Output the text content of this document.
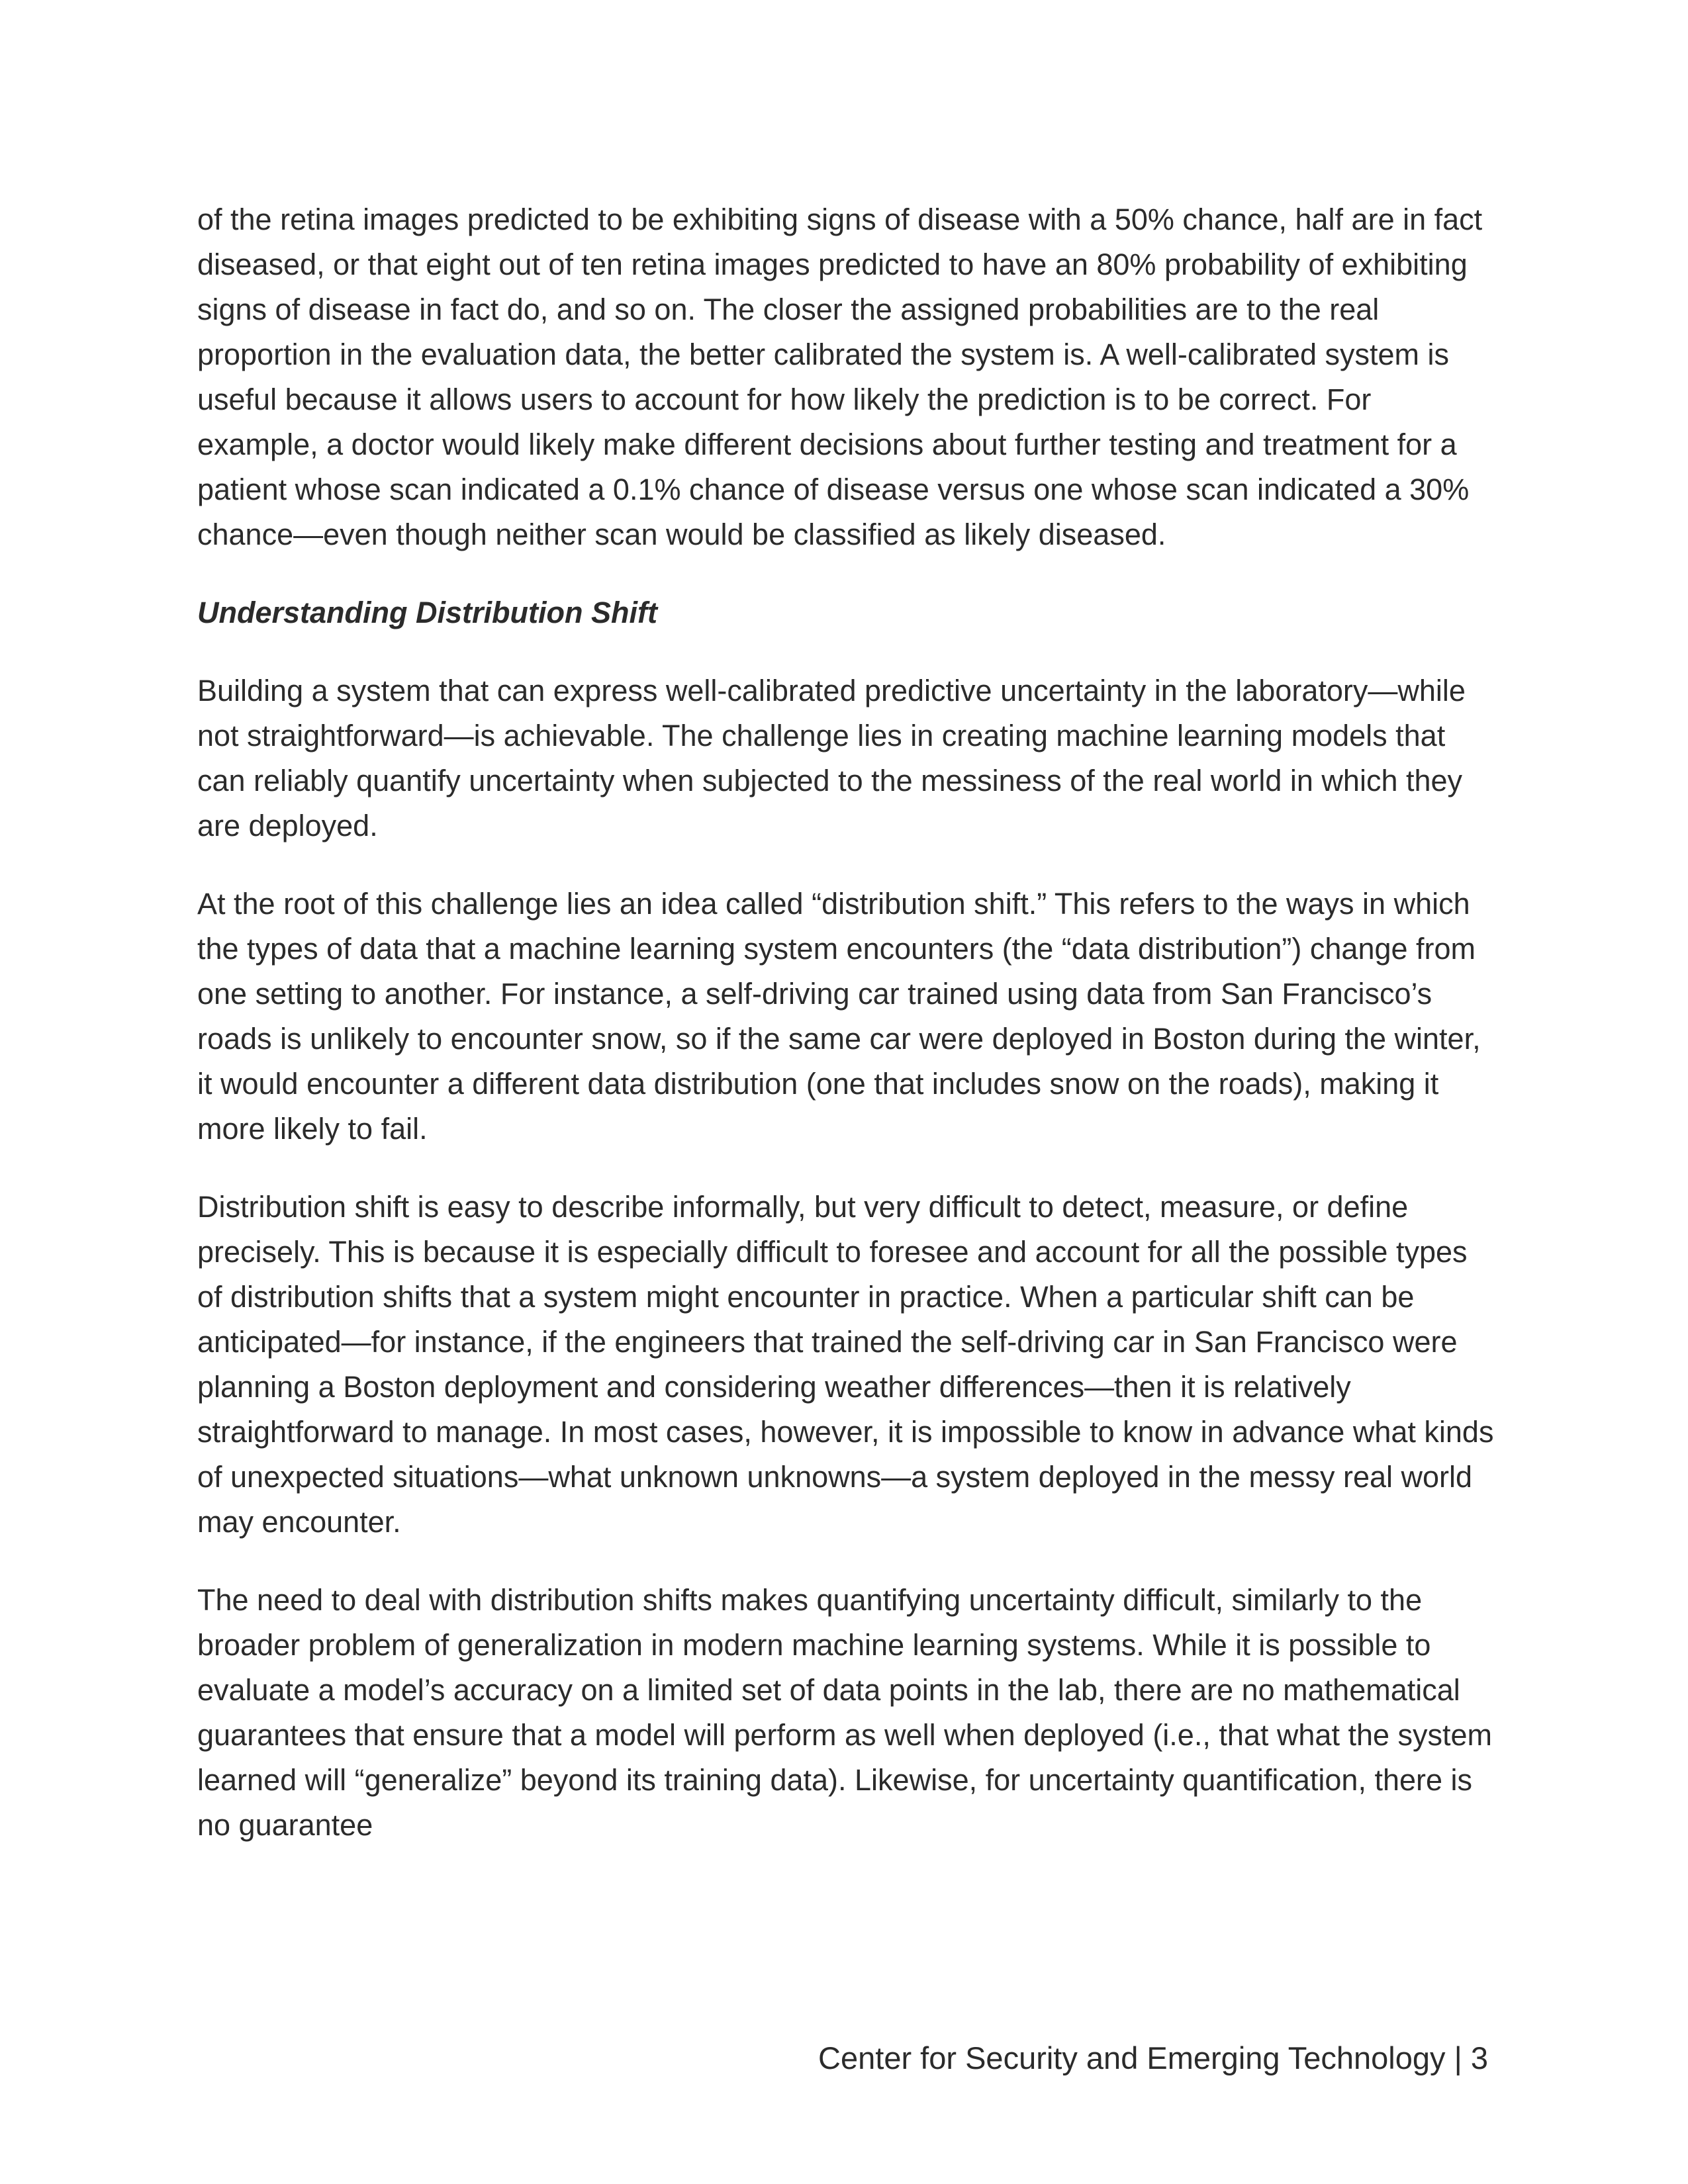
of the retina images predicted to be exhibiting signs of disease with a 50% chance, half are in fact diseased, or that eight out of ten retina images predicted to have an 80% probability of exhibiting signs of disease in fact do, and so on. The closer the assigned probabilities are to the real proportion in the evaluation data, the better calibrated the system is. A well-calibrated system is useful because it allows users to account for how likely the prediction is to be correct. For example, a doctor would likely make different decisions about further testing and treatment for a patient whose scan indicated a 0.1% chance of disease versus one whose scan indicated a 30% chance—even though neither scan would be classified as likely diseased.

Understanding Distribution Shift

Building a system that can express well-calibrated predictive uncertainty in the laboratory—while not straightforward—is achievable. The challenge lies in creating machine learning models that can reliably quantify uncertainty when subjected to the messiness of the real world in which they are deployed.

At the root of this challenge lies an idea called “distribution shift.” This refers to the ways in which the types of data that a machine learning system encounters (the “data distribution”) change from one setting to another. For instance, a self-driving car trained using data from San Francisco’s roads is unlikely to encounter snow, so if the same car were deployed in Boston during the winter, it would encounter a different data distribution (one that includes snow on the roads), making it more likely to fail.

Distribution shift is easy to describe informally, but very difficult to detect, measure, or define precisely. This is because it is especially difficult to foresee and account for all the possible types of distribution shifts that a system might encounter in practice. When a particular shift can be anticipated—for instance, if the engineers that trained the self-driving car in San Francisco were planning a Boston deployment and considering weather differences—then it is relatively straightforward to manage. In most cases, however, it is impossible to know in advance what kinds of unexpected situations—what unknown unknowns—a system deployed in the messy real world may encounter.

The need to deal with distribution shifts makes quantifying uncertainty difficult, similarly to the broader problem of generalization in modern machine learning systems. While it is possible to evaluate a model’s accuracy on a limited set of data points in the lab, there are no mathematical guarantees that ensure that a model will perform as well when deployed (i.e., that what the system learned will “generalize” beyond its training data). Likewise, for uncertainty quantification, there is no guarantee

Center for Security and Emerging Technology | 3
